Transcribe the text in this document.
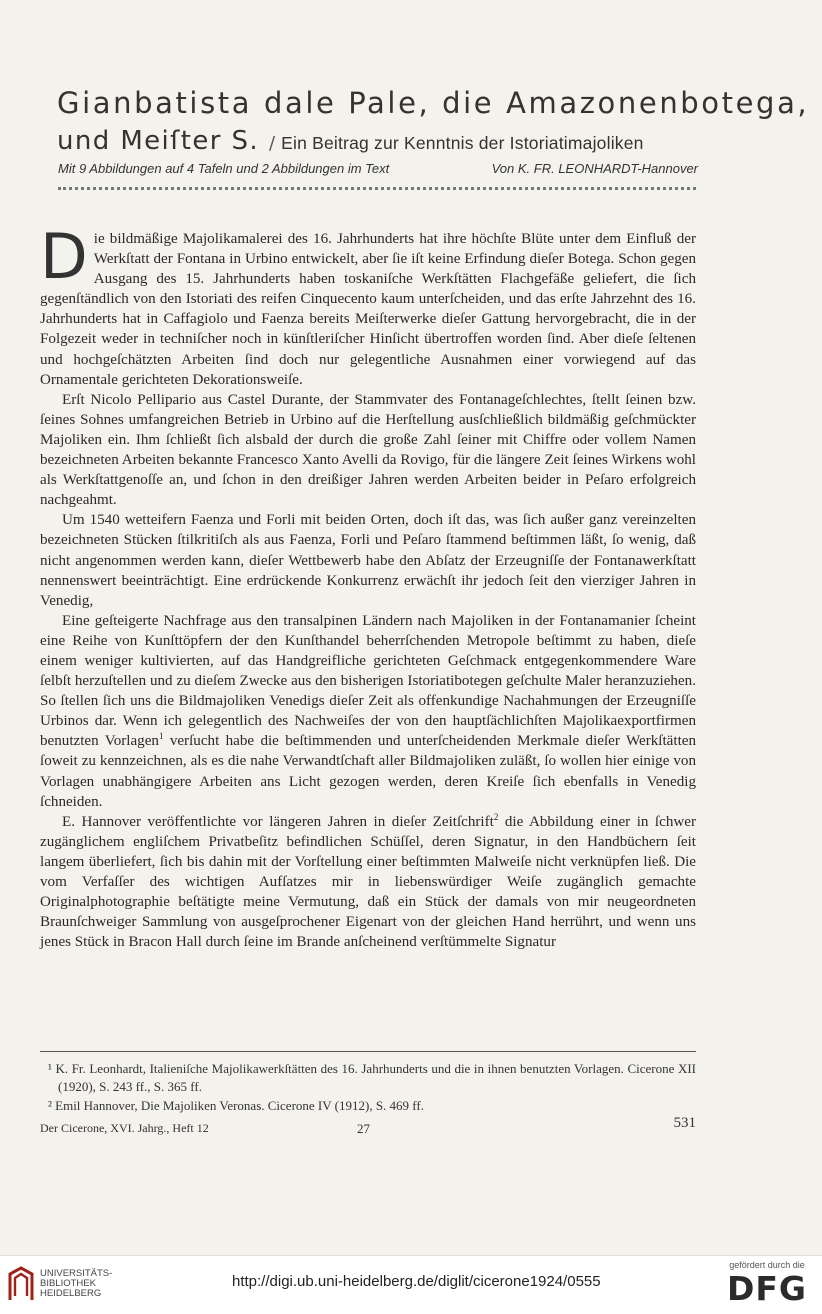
Gianbatista dale Pale, die Amazonenbotega,
und Meiſter S. / Ein Beitrag zur Kenntnis der Istoriatimajoliken
Mit 9 Abbildungen auf 4 Tafeln und 2 Abbildungen im Text	Von K. FR. LEONHARDT-Hannover

Die bildmäßige Majolikamalerei des 16. Jahrhunderts hat ihre höchſte Blüte unter dem Einfluß der Werkſtatt der Fontana in Urbino entwickelt, aber ſie iſt keine Erfindung dieſer Botega. Schon gegen Ausgang des 15. Jahrhunderts haben toskaniſche Werkſtätten Flachgefäße geliefert, die ſich gegenſtändlich von den Istoriati des reifen Cinquecento kaum unterſcheiden, und das erſte Jahrzehnt des 16. Jahrhunderts hat in Caffagiolo und Faenza bereits Meiſterwerke dieſer Gattung hervorgebracht, die in der Folgezeit weder in techniſcher noch in künſtleriſcher Hinſicht übertroffen worden ſind. Aber dieſe ſeltenen und hochgeſchätzten Arbeiten ſind doch nur gelegentliche Ausnahmen einer vorwiegend auf das Ornamentale gerichteten Dekorationsweiſe.

Erſt Nicolo Pellipario aus Castel Durante, der Stammvater des Fontanageſchlechtes, ſtellt ſeinen bzw. ſeines Sohnes umfangreichen Betrieb in Urbino auf die Herſtellung ausſchließlich bildmäßig geſchmückter Majoliken ein. Ihm ſchließt ſich alsbald der durch die große Zahl ſeiner mit Chiffre oder vollem Namen bezeichneten Arbeiten bekannte Francesco Xanto Avelli da Rovigo, für die längere Zeit ſeines Wirkens wohl als Werkſtattgenoſſe an, und ſchon in den dreißiger Jahren werden Arbeiten beider in Peſaro erfolgreich nachgeahmt.

Um 1540 wetteifern Faenza und Forli mit beiden Orten, doch iſt das, was ſich außer ganz vereinzelten bezeichneten Stücken ſtilkritiſch als aus Faenza, Forli und Peſaro ſtammend beſtimmen läßt, ſo wenig, daß nicht angenommen werden kann, dieſer Wettbewerb habe den Abſatz der Erzeugniſſe der Fontanawerkſtatt nennenswert beeinträchtigt. Eine erdrückende Konkurrenz erwächſt ihr jedoch ſeit den vierziger Jahren in Venedig,

Eine geſteigerte Nachfrage aus den transalpinen Ländern nach Majoliken in der Fontanamanier ſcheint eine Reihe von Kunſttöpfern der den Kunſthandel beherrſchenden Metropole beſtimmt zu haben, dieſe einem weniger kultivierten, auf das Handgreifliche gerichteten Geſchmack entgegenkommendere Ware ſelbſt herzuſtellen und zu dieſem Zwecke aus den bisherigen Istoriatibotegen geſchulte Maler heranzuziehen. So ſtellen ſich uns die Bildmajoliken Venedigs dieſer Zeit als offenkundige Nachahmungen der Erzeugniſſe Urbinos dar. Wenn ich gelegentlich des Nachweiſes der von den hauptſächlichſten Majolikaexportfirmen benutzten Vorlagen$^1$ verſucht habe die beſtimmenden und unterſcheidenden Merkmale dieſer Werkſtätten ſoweit zu kennzeichnen, als es die nahe Verwandtſchaft aller Bildmajoliken zuläßt, ſo wollen hier einige von Vorlagen unabhängigere Arbeiten ans Licht gezogen werden, deren Kreiſe ſich ebenfalls in Venedig ſchneiden.

E. Hannover veröffentlichte vor längeren Jahren in dieſer Zeitſchrift$^2$ die Abbildung einer in ſchwer zugänglichem engliſchem Privatbeſitz befindlichen Schüſſel, deren Signatur, in den Handbüchern ſeit langem überliefert, ſich bis dahin mit der Vorſtellung einer beſtimmten Malweiſe nicht verknüpfen ließ. Die vom Verfaſſer des wichtigen Aufſatzes mir in liebenswürdiger Weiſe zugänglich gemachte Originalphotographie beſtätigte meine Vermutung, daß ein Stück der damals von mir neugeordneten Braunſchweiger Sammlung von ausgeſprochener Eigenart von der gleichen Hand herrührt, und wenn uns jenes Stück in Bracon Hall durch ſeine im Brande anſcheinend verſtümmelte Signatur

¹ K. Fr. Leonhardt, Italieniſche Majolikawerkſtätten des 16. Jahrhunderts und die in ihnen benutzten Vorlagen. Cicerone XII (1920), S. 243 ff., S. 365 ff.

² Emil Hannover, Die Majoliken Veronas. Cicerone IV (1912), S. 469 ff.

Der Cicerone, XVI. Jahrg., Heft 12	27	531
UNIVERSITÄTS-
BIBLIOTHEK
HEIDELBERG
http://digi.ub.uni-heidelberg.de/diglit/cicerone1924/0555
gefördert durch die
DFG
